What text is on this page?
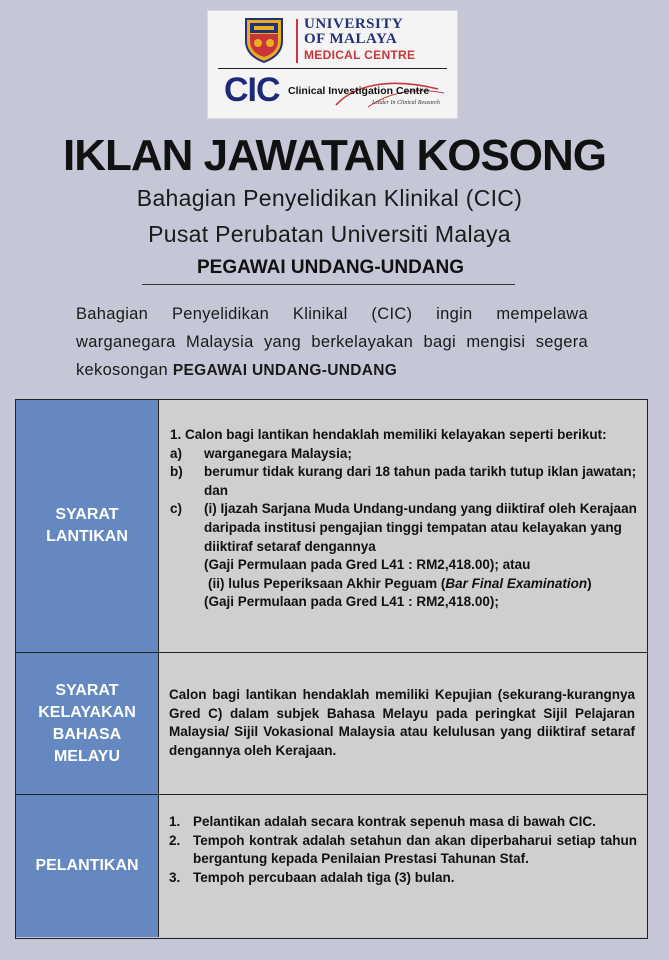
UNIVERSITY
OF MALAYA
MEDICAL CENTRE
CIC Clinical Investigation Centre
Leader In Clinical Research
IKLAN JAWATAN KOSONG
Bahagian Penyelidikan Klinikal (CIC)
Pusat Perubatan Universiti Malaya
PEGAWAI UNDANG-UNDANG
Bahagian Penyelidikan Klinikal (CIC) ingin mempelawa warganegara Malaysia yang berkelayakan bagi mengisi segera kekosongan PEGAWAI UNDANG-UNDANG
SYARAT
LANTIKAN
1. Calon bagi lantikan hendaklah memiliki kelayakan seperti berikut:
a)	warganegara Malaysia;
b)	berumur tidak kurang dari 18 tahun pada tarikh tutup iklan jawatan; dan
c)	(i) Ijazah Sarjana Muda Undang-undang yang diiktiraf oleh Kerajaan daripada institusi pengajian tinggi tempatan atau kelayakan yang diiktiraf setaraf dengannya
(Gaji Permulaan pada Gred L41 : RM2,418.00); atau
(ii) lulus Peperiksaan Akhir Peguam (Bar Final Examination)
(Gaji Permulaan pada Gred L41 : RM2,418.00);
SYARAT
KELAYAKAN
BAHASA
MELAYU
Calon bagi lantikan hendaklah memiliki Kepujian (sekurang-kurangnya Gred C) dalam subjek Bahasa Melayu pada peringkat Sijil Pelajaran Malaysia/ Sijil Vokasional Malaysia atau kelulusan yang diiktiraf setaraf dengannya oleh Kerajaan.
PELANTIKAN
1. Pelantikan adalah secara kontrak sepenuh masa di bawah CIC.
2. Tempoh kontrak adalah setahun dan akan diperbaharui setiap tahun bergantung kepada Penilaian Prestasi Tahunan Staf.
3. Tempoh percubaan adalah tiga (3) bulan.
